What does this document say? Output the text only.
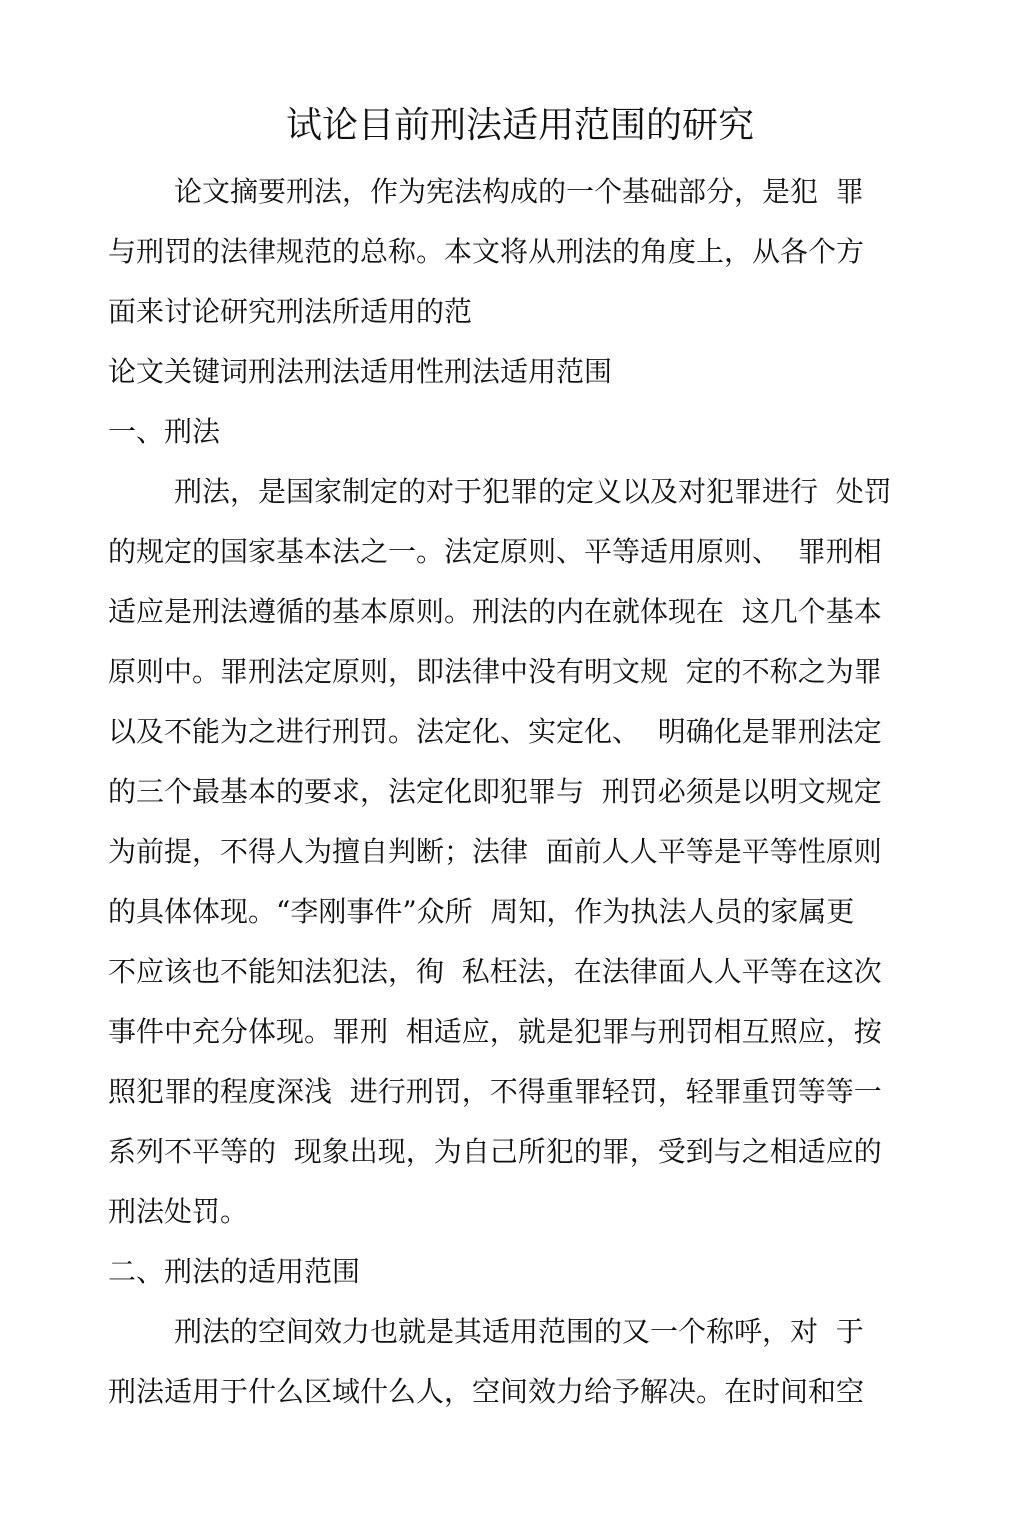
试论目前刑法适用范围的研究
论文摘要刑法，作为宪法构成的一个基础部分，是犯  罪
与刑罚的法律规范的总称。本文将从刑法的角度上，从各个方
面来讨论研究刑法所适用的范
论文关键词刑法刑法适用性刑法适用范围
一、刑法
刑法，是国家制定的对于犯罪的定义以及对犯罪进行  处罚
的规定的国家基本法之一。法定原则、平等适用原则、  罪刑相
适应是刑法遵循的基本原则。刑法的内在就体现在  这几个基本
原则中。罪刑法定原则，即法律中没有明文规  定的不称之为罪
以及不能为之进行刑罚。法定化、实定化、  明确化是罪刑法定
的三个最基本的要求，法定化即犯罪与  刑罚必须是以明文规定
为前提，不得人为擅自判断；法律  面前人人平等是平等性原则
的具体体现。“李刚事件”众所  周知，作为执法人员的家属更
不应该也不能知法犯法，徇  私枉法，在法律面人人平等在这次
事件中充分体现。罪刑  相适应，就是犯罪与刑罚相互照应，按
照犯罪的程度深浅  进行刑罚，不得重罪轻罚，轻罪重罚等等一
系列不平等的  现象出现，为自己所犯的罪，受到与之相适应的
刑法处罚。
二、刑法的适用范围
刑法的空间效力也就是其适用范围的又一个称呼，对  于
刑法适用于什么区域什么人，空间效力给予解决。在时间和空
